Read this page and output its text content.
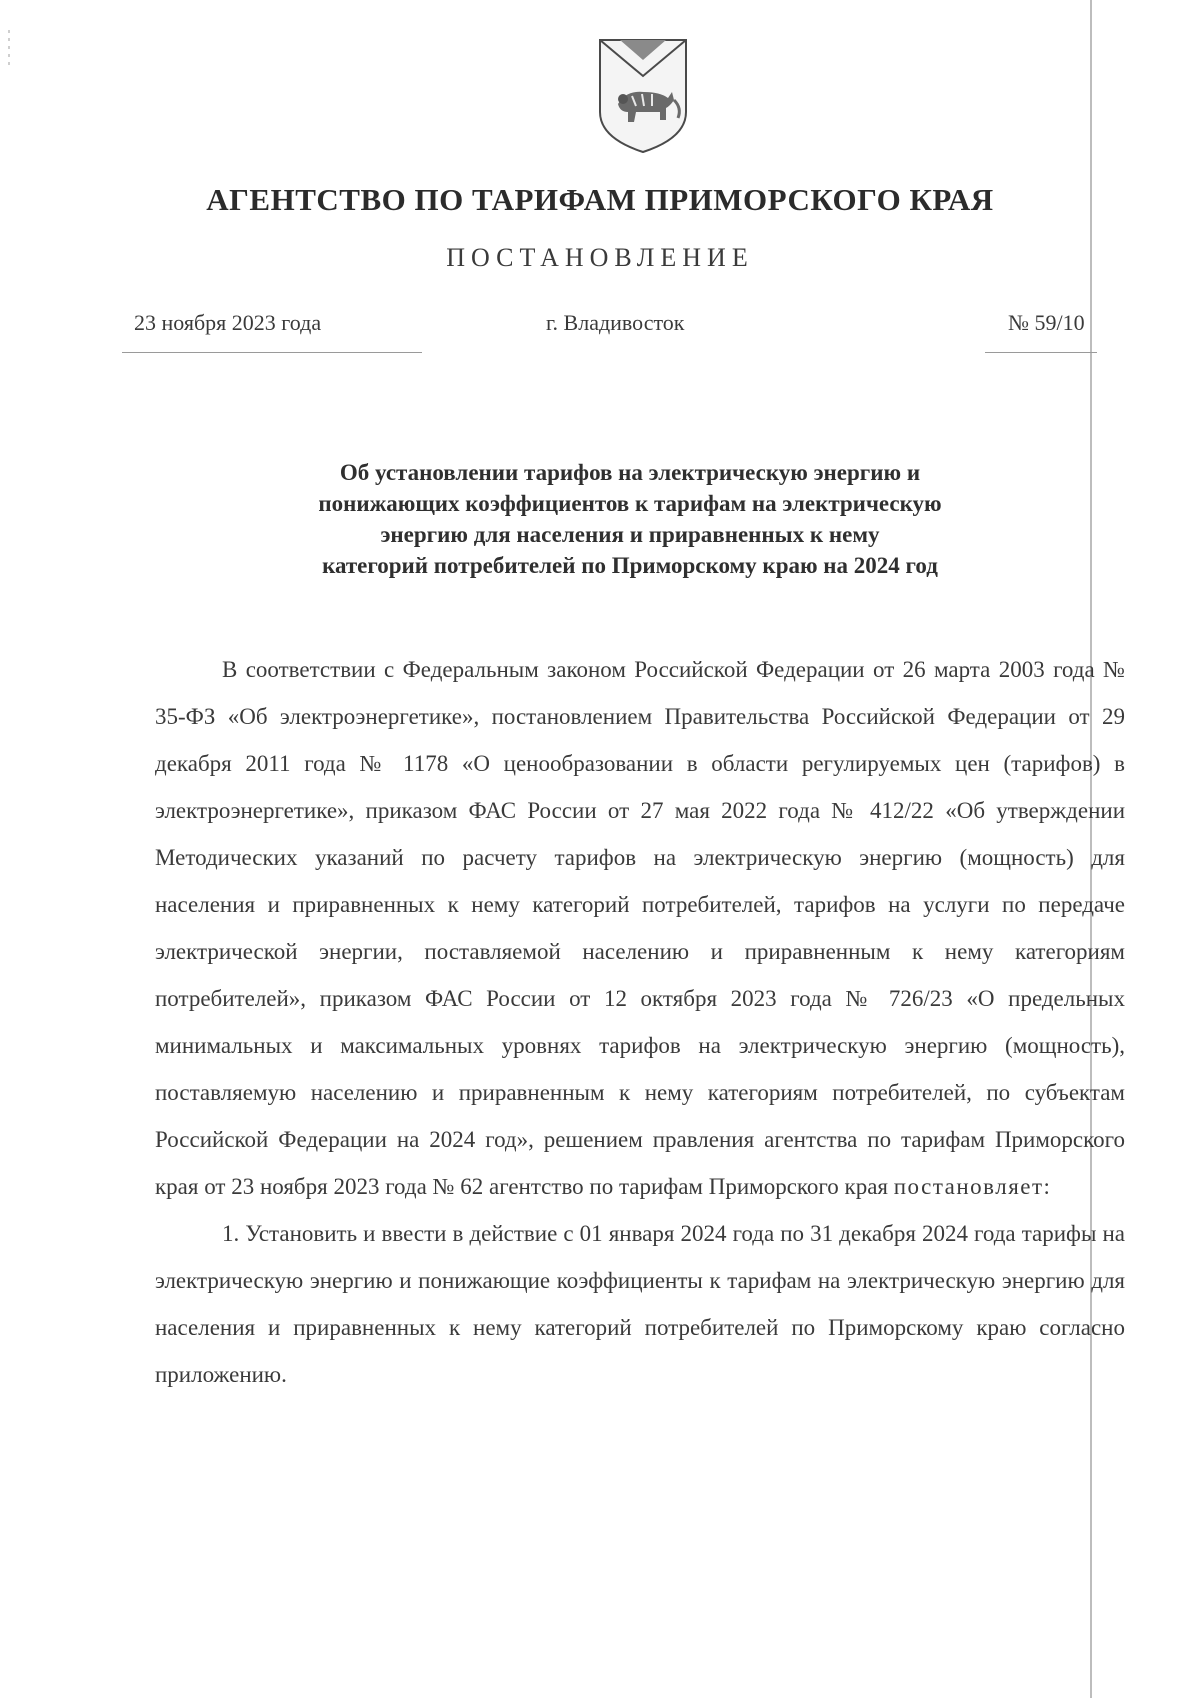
АГЕНТСТВО ПО ТАРИФАМ ПРИМОРСКОГО КРАЯ
ПОСТАНОВЛЕНИЕ
23 ноября 2023 года	г. Владивосток	№ 59/10
Об установлении тарифов на электрическую энергию и
понижающих коэффициентов к тарифам на электрическую
энергию для населения и приравненных к нему
категорий потребителей по Приморскому краю на 2024 год

В соответствии с Федеральным законом Российской Федерации от 26 марта 2003 года № 35-ФЗ «Об электроэнергетике», постановлением Правительства Российской Федерации от 29 декабря 2011 года № 1178 «О ценообразовании в области регулируемых цен (тарифов) в электроэнергетике», приказом ФАС России от 27 мая 2022 года № 412/22 «Об утверждении Методических указаний по расчету тарифов на электрическую энергию (мощность) для населения и приравненных к нему категорий потребителей, тарифов на услуги по передаче электрической энергии, поставляемой населению и приравненным к нему категориям потребителей», приказом ФАС России от 12 октября 2023 года № 726/23 «О предельных минимальных и максимальных уровнях тарифов на электрическую энергию (мощность), поставляемую населению и приравненным к нему категориям потребителей, по субъектам Российской Федерации на 2024 год», решением правления агентства по тарифам Приморского края от 23 ноября 2023 года № 62 агентство по тарифам Приморского края постановляет:

1. Установить и ввести в действие с 01 января 2024 года по 31 декабря 2024 года тарифы на электрическую энергию и понижающие коэффициенты к тарифам на электрическую энергию для населения и приравненных к нему категорий потребителей по Приморскому краю согласно приложению.
